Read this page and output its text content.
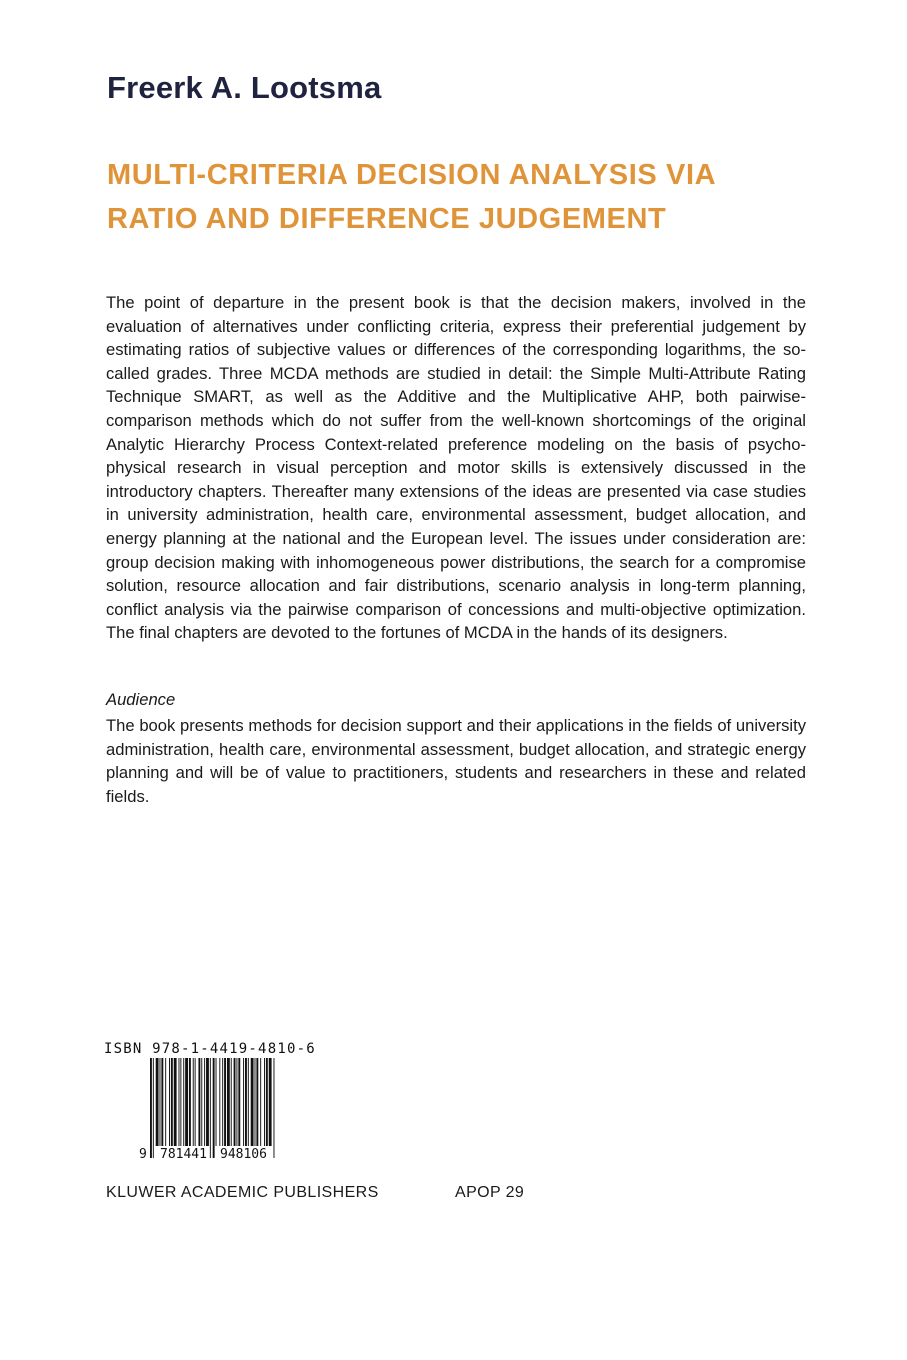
Freerk A. Lootsma
MULTI-CRITERIA DECISION ANALYSIS VIA
RATIO AND DIFFERENCE JUDGEMENT
The point of departure in the present book is that the decision makers, involved in the evaluation of alternatives under conflicting criteria, express their preferential judgement by estimating ratios of subjective values or differences of the corresponding logarithms, the so-called grades. Three MCDA methods are studied in detail: the Simple Multi-Attribute Rating Technique SMART, as well as the Additive and the Multiplicative AHP, both pairwise-comparison methods which do not suffer from the well-known shortcomings of the original Analytic Hierarchy Process Context-related preference modeling on the basis of psycho-physical research in visual perception and motor skills is extensively discussed in the introductory chapters. Thereafter many extensions of the ideas are presented via case studies in university administration, health care, environmental assessment, budget allocation, and energy planning at the national and the European level. The issues under consideration are: group decision making with inhomogeneous power distributions, the search for a compromise solution, resource allocation and fair distributions, scenario analysis in long-term planning, conflict analysis via the pairwise comparison of concessions and multi-objective optimization. The final chapters are devoted to the fortunes of MCDA in the hands of its designers.
Audience
The book presents methods for decision support and their applications in the fields of university administration, health care, environmental assessment, budget allocation, and strategic energy planning and will be of value to practitioners, students and researchers in these and related fields.
ISBN 978-1-4419-4810-6
9 781441 948106
KLUWER ACADEMIC PUBLISHERS	APOP 29
